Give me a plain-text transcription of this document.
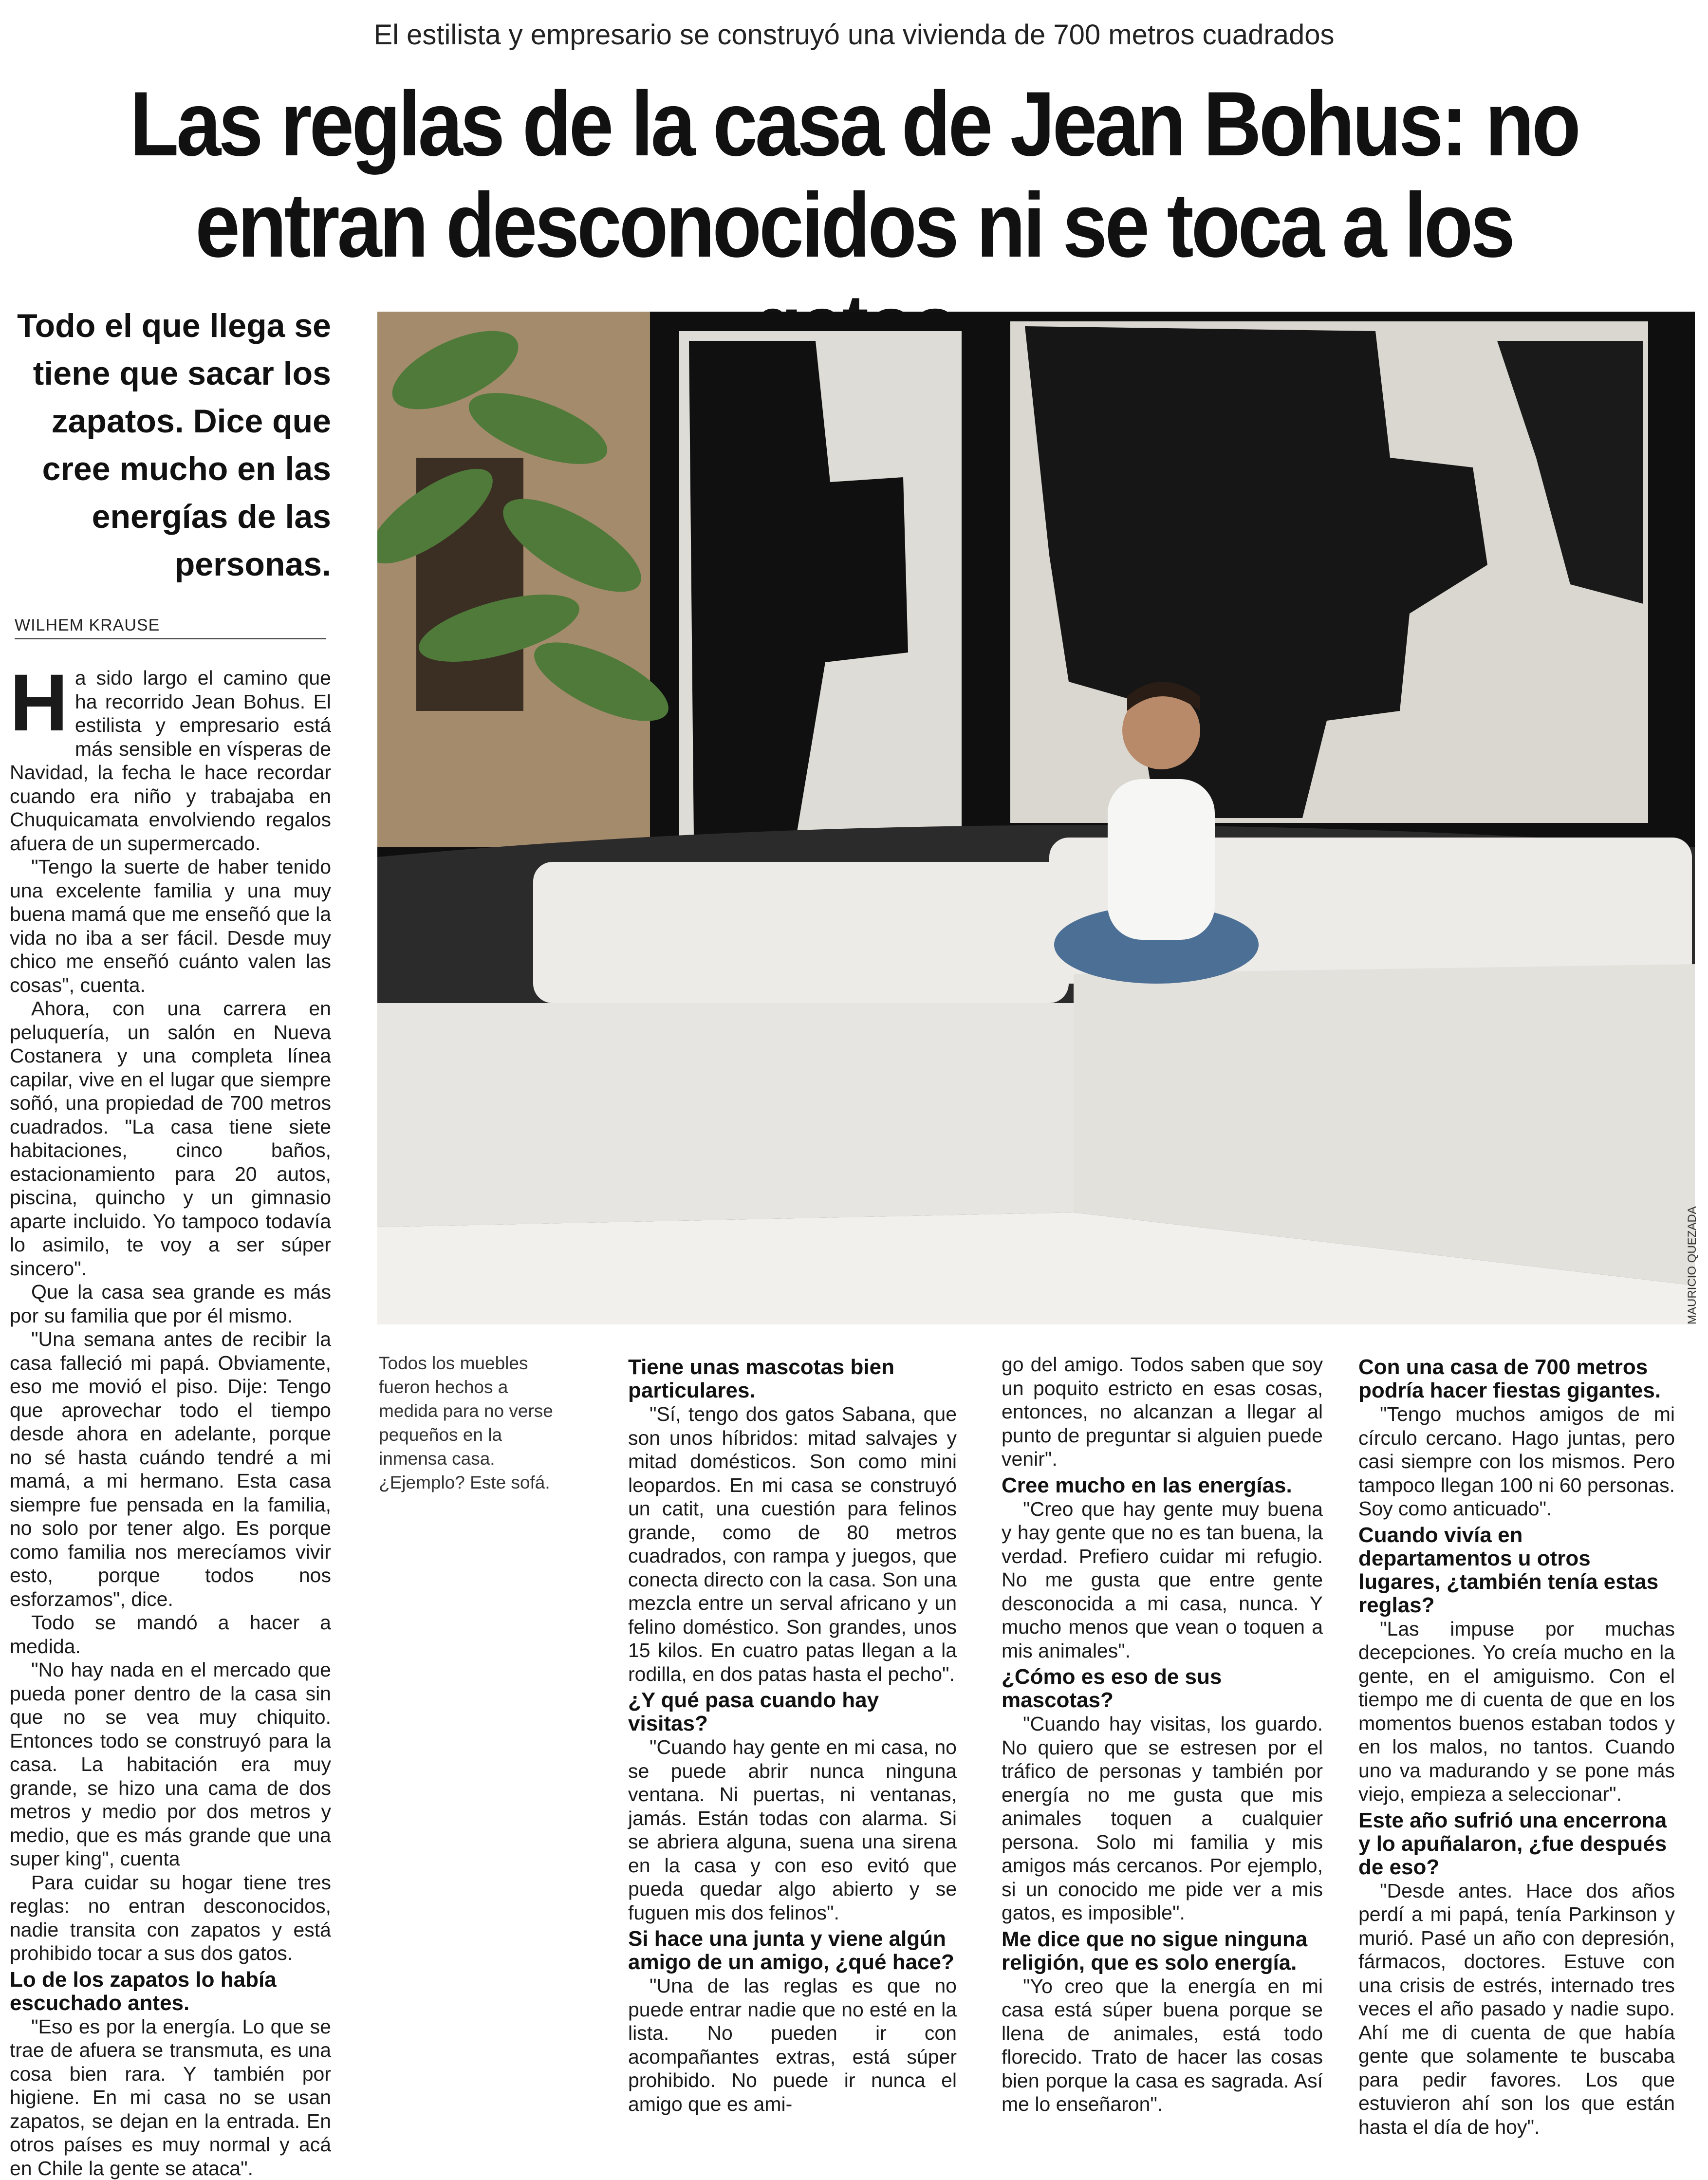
El estilista y empresario se construyó una vivienda de 700 metros cuadrados
Las reglas de la casa de Jean Bohus: no
entran desconocidos ni se toca a los
Todo el que llega se tiene que sacar los zapatos. Dice que cree mucho en las energías de las personas.
WILHEM KRAUSE
H a sido largo el camino que ha recorrido Jean Bohus. El estilista y empresario está más sensible en vísperas de Navidad, la fecha le hace recordar cuando era niño y trabajaba en Chuquicamata envolviendo regalos afuera de un supermercado.

"Tengo la suerte de haber tenido una excelente familia y una muy buena mamá que me enseñó que la vida no iba a ser fácil. Desde muy chico me enseñó cuánto valen las cosas", cuenta.

Ahora, con una carrera en peluquería, un salón en Nueva Costanera y una completa línea capilar, vive en el lugar que siempre soñó, una propiedad de 700 metros cuadrados. "La casa tiene siete habitaciones, cinco baños, estacionamiento para 20 autos, piscina, quincho y un gimnasio aparte incluido. Yo tampoco todavía lo asimilo, te voy a ser súper sincero".

Que la casa sea grande es más por su familia que por él mismo.

"Una semana antes de recibir la casa falleció mi papá. Obviamente, eso me movió el piso. Dije: Tengo que aprovechar todo el tiempo desde ahora en adelante, porque no sé hasta cuándo tendré a mi mamá, a mi hermano. Esta casa siempre fue pensada en la familia, no solo por tener algo. Es porque como familia nos merecíamos vivir esto, porque todos nos esforzamos", dice.

Todo se mandó a hacer a medida.

"No hay nada en el mercado que pueda poner dentro de la casa sin que no se vea muy chiquito. Entonces todo se construyó para la casa. La habitación era muy grande, se hizo una cama de dos metros y medio por dos metros y medio, que es más grande que una super king", cuenta

Para cuidar su hogar tiene tres reglas: no entran desconocidos, nadie transita con zapatos y está prohibido tocar a sus dos gatos.

Lo de los zapatos lo había escuchado antes.

"Eso es por la energía. Lo que se trae de afuera se transmuta, es una cosa bien rara. Y también por higiene. En mi casa no se usan zapatos, se dejan en la entrada. En otros países es muy normal y acá en Chile la gente se ataca".

MAURICIO QUEZADA
Todos los muebles fueron hechos a medida para no verse pequeños en la inmensa casa. ¿Ejemplo? Este sofá.
Tiene unas mascotas bien particulares.

"Sí, tengo dos gatos Sabana, que son unos híbridos: mitad salvajes y mitad domésticos. Son como mini leopardos. En mi casa se construyó un catit, una cuestión para felinos grande, como de 80 metros cuadrados, con rampa y juegos, que conecta directo con la casa. Son una mezcla entre un serval africano y un felino doméstico. Son grandes, unos 15 kilos. En cuatro patas llegan a la rodilla, en dos patas hasta el pecho".

¿Y qué pasa cuando hay visitas?

"Cuando hay gente en mi casa, no se puede abrir nunca ninguna ventana. Ni puertas, ni ventanas, jamás. Están todas con alarma. Si se abriera alguna, suena una sirena en la casa y con eso evitó que pueda quedar algo abierto y se fuguen mis dos felinos".

Si hace una junta y viene algún amigo de un amigo, ¿qué hace?

"Una de las reglas es que no puede entrar nadie que no esté en la lista. No pueden ir con acompañantes extras, está súper prohibido. No puede ir nunca el amigo que es ami-

go del amigo. Todos saben que soy un poquito estricto en esas cosas, entonces, no alcanzan a llegar al punto de preguntar si alguien puede venir".

Cree mucho en las energías.

"Creo que hay gente muy buena y hay gente que no es tan buena, la verdad. Prefiero cuidar mi refugio. No me gusta que entre gente desconocida a mi casa, nunca. Y mucho menos que vean o toquen a mis animales".

¿Cómo es eso de sus mascotas?

"Cuando hay visitas, los guardo. No quiero que se estresen por el tráfico de personas y también por energía no me gusta que mis animales toquen a cualquier persona. Solo mi familia y mis amigos más cercanos. Por ejemplo, si un conocido me pide ver a mis gatos, es imposible".

Me dice que no sigue ninguna religión, que es solo energía.

"Yo creo que la energía en mi casa está súper buena porque se llena de animales, está todo florecido. Trato de hacer las cosas bien porque la casa es sagrada. Así me lo enseñaron".

Con una casa de 700 metros podría hacer fiestas gigantes.

"Tengo muchos amigos de mi círculo cercano. Hago juntas, pero casi siempre con los mismos. Pero tampoco llegan 100 ni 60 personas. Soy como anticuado".

Cuando vivía en departamentos u otros lugares, ¿también tenía estas reglas?

"Las impuse por muchas decepciones. Yo creía mucho en la gente, en el amiguismo. Con el tiempo me di cuenta de que en los momentos buenos estaban todos y en los malos, no tantos. Cuando uno va madurando y se pone más viejo, empieza a seleccionar".

Este año sufrió una encerrona y lo apuñalaron, ¿fue después de eso?

"Desde antes. Hace dos años perdí a mi papá, tenía Parkinson y murió. Pasé un año con depresión, fármacos, doctores. Estuve con una crisis de estrés, internado tres veces el año pasado y nadie supo. Ahí me di cuenta de que había gente que solamente te buscaba para pedir favores. Los que estuvieron ahí son los que están hasta el día de hoy".
